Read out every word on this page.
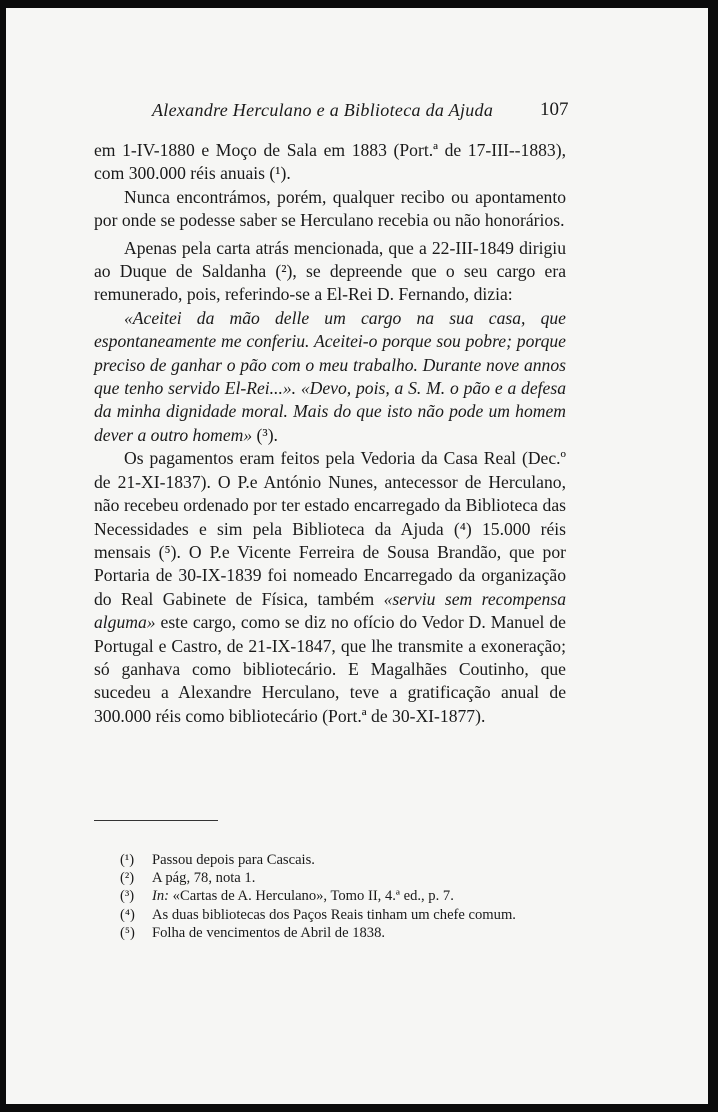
Alexandre Herculano e a Biblioteca da Ajuda 107

em 1-IV-1880 e Moço de Sala em 1883 (Port.ª de 17-III--1883), com 300.000 réis anuais (¹).

Nunca encontrámos, porém, qualquer recibo ou apontamento por onde se podesse saber se Herculano recebia ou não honorários.

Apenas pela carta atrás mencionada, que a 22-III-1849 dirigiu ao Duque de Saldanha (²), se depreende que o seu cargo era remunerado, pois, referindo-se a El-Rei D. Fernando, dizia:

«Aceitei da mão delle um cargo na sua casa, que espontaneamente me conferiu. Aceitei-o porque sou pobre; porque preciso de ganhar o pão com o meu trabalho. Durante nove annos que tenho servido El-Rei...». «Devo, pois, a S. M. o pão e a defesa da minha dignidade moral. Mais do que isto não pode um homem dever a outro homem» (³).

Os pagamentos eram feitos pela Vedoria da Casa Real (Dec.º de 21-XI-1837). O P.e António Nunes, antecessor de Herculano, não recebeu ordenado por ter estado encarregado da Biblioteca das Necessidades e sim pela Biblioteca da Ajuda (⁴) 15.000 réis mensais (⁵). O P.e Vicente Ferreira de Sousa Brandão, que por Portaria de 30-IX-1839 foi nomeado Encarregado da organização do Real Gabinete de Física, também «serviu sem recompensa alguma» este cargo, como se diz no ofício do Vedor D. Manuel de Portugal e Castro, de 21-IX-1847, que lhe transmite a exoneração; só ganhava como bibliotecário. E Magalhães Coutinho, que sucedeu a Alexandre Herculano, teve a gratificação anual de 300.000 réis como bibliotecário (Port.ª de 30-XI-1877).

(¹) Passou depois para Cascais.

(²) A pág, 78, nota 1.

(³) In: «Cartas de A. Herculano», Tomo II, 4.ª ed., p. 7.

(⁴) As duas bibliotecas dos Paços Reais tinham um chefe comum.

(⁵) Folha de vencimentos de Abril de 1838.
